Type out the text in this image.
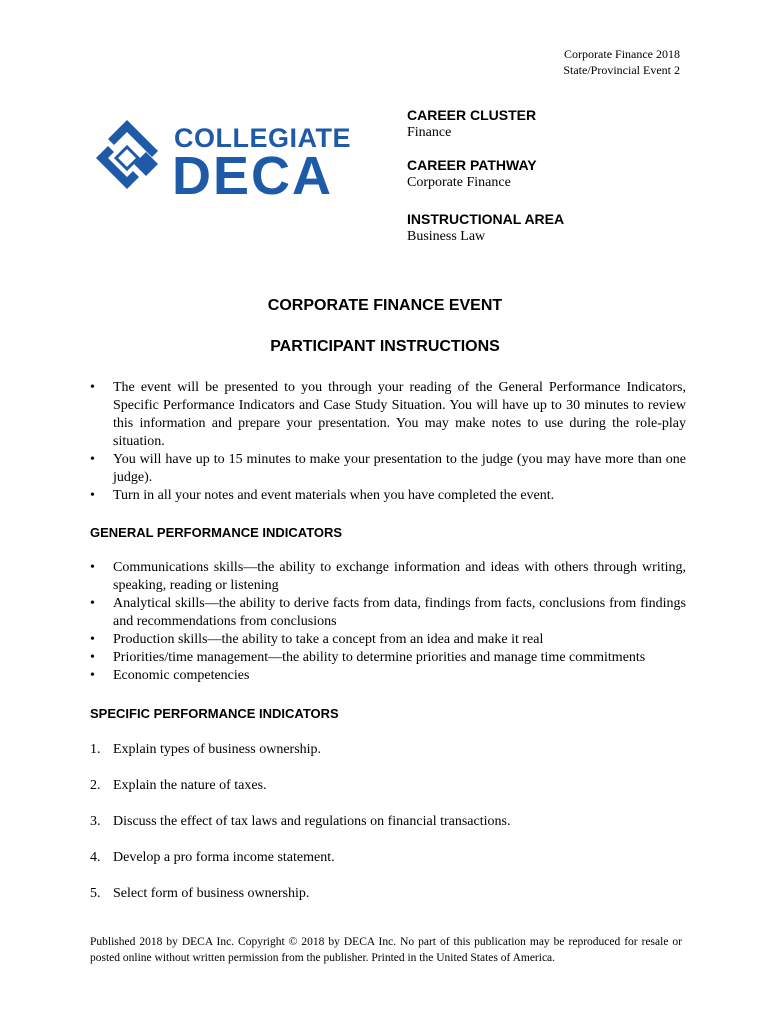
Corporate Finance 2018
State/Provincial Event 2
COLLEGIATE
DECA
CAREER CLUSTER
Finance
CAREER PATHWAY
Corporate Finance
INSTRUCTIONAL AREA
Business Law
CORPORATE FINANCE EVENT
PARTICIPANT INSTRUCTIONS
• The event will be presented to you through your reading of the General Performance Indicators, Specific Performance Indicators and Case Study Situation. You will have up to 30 minutes to review this information and prepare your presentation. You may make notes to use during the role-play situation.
• You will have up to 15 minutes to make your presentation to the judge (you may have more than one judge).
• Turn in all your notes and event materials when you have completed the event.
GENERAL PERFORMANCE INDICATORS
• Communications skills—the ability to exchange information and ideas with others through writing, speaking, reading or listening
• Analytical skills—the ability to derive facts from data, findings from facts, conclusions from findings and recommendations from conclusions
• Production skills—the ability to take a concept from an idea and make it real
• Priorities/time management—the ability to determine priorities and manage time commitments
• Economic competencies
SPECIFIC PERFORMANCE INDICATORS
1. Explain types of business ownership.
2. Explain the nature of taxes.
3. Discuss the effect of tax laws and regulations on financial transactions.
4. Develop a pro forma income statement.
5. Select form of business ownership.
Published 2018 by DECA Inc. Copyright © 2018 by DECA Inc. No part of this publication may be reproduced for resale or posted online without written permission from the publisher. Printed in the United States of America.
